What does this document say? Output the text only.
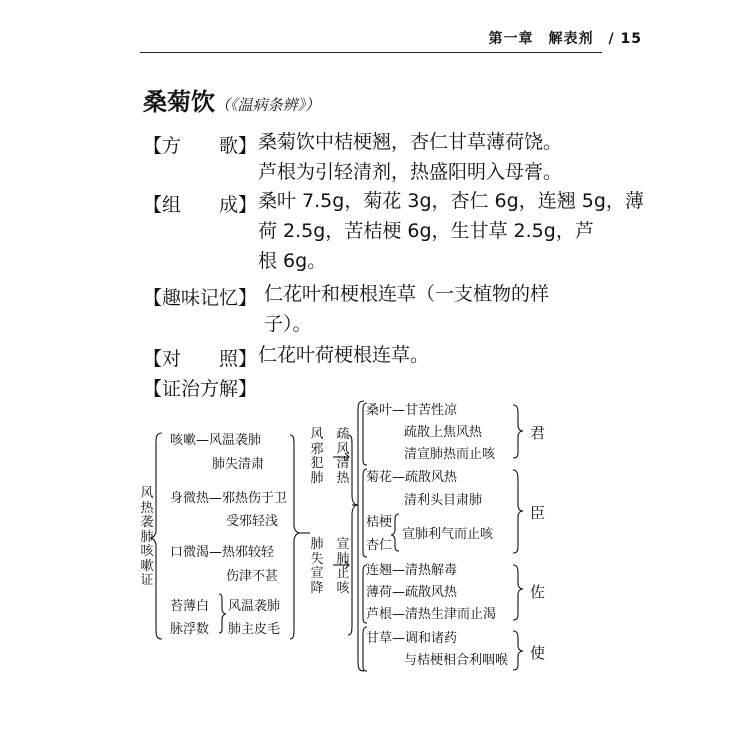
第一章　解表剂　/ 15
桑菊饮（《温病条辨》）
【方　　歌】 桑菊饮中桔梗翘，杏仁甘草薄荷饶。
芦根为引轻清剂，热盛阳明入母膏。
【组　　成】 桑叶 7.5g，菊花 3g，杏仁 6g，连翘 5g，薄
荷 2.5g，苦桔梗 6g，生甘草 2.5g，芦
根 6g。
【趣味记忆】 仁花叶和梗根连草（一支植物的样
子）。
【对　　照】 仁花叶荷梗根连草。
【证治方解】
风
热
袭
肺
咳
嗽
证
咳嗽—风温袭肺
肺失清肃
身微热—邪热伤于卫
受邪轻浅
口微渴—热邪较轻
伤津不甚
苔薄白
脉浮数
风温袭肺
肺主皮毛
风
邪
犯
肺
疏
风
清
热
肺
失
宣
降
宣
肺
止
咳
桑叶—甘苦性凉
疏散上焦风热
清宣肺热而止咳
君
菊花—疏散风热
清利头目肃肺
桔梗
杏仁
宣肺利气而止咳
臣
连翘—清热解毒
薄荷—疏散风热
芦根—清热生津而止渴
佐
甘草—调和诸药
与桔梗相合利咽喉 使
